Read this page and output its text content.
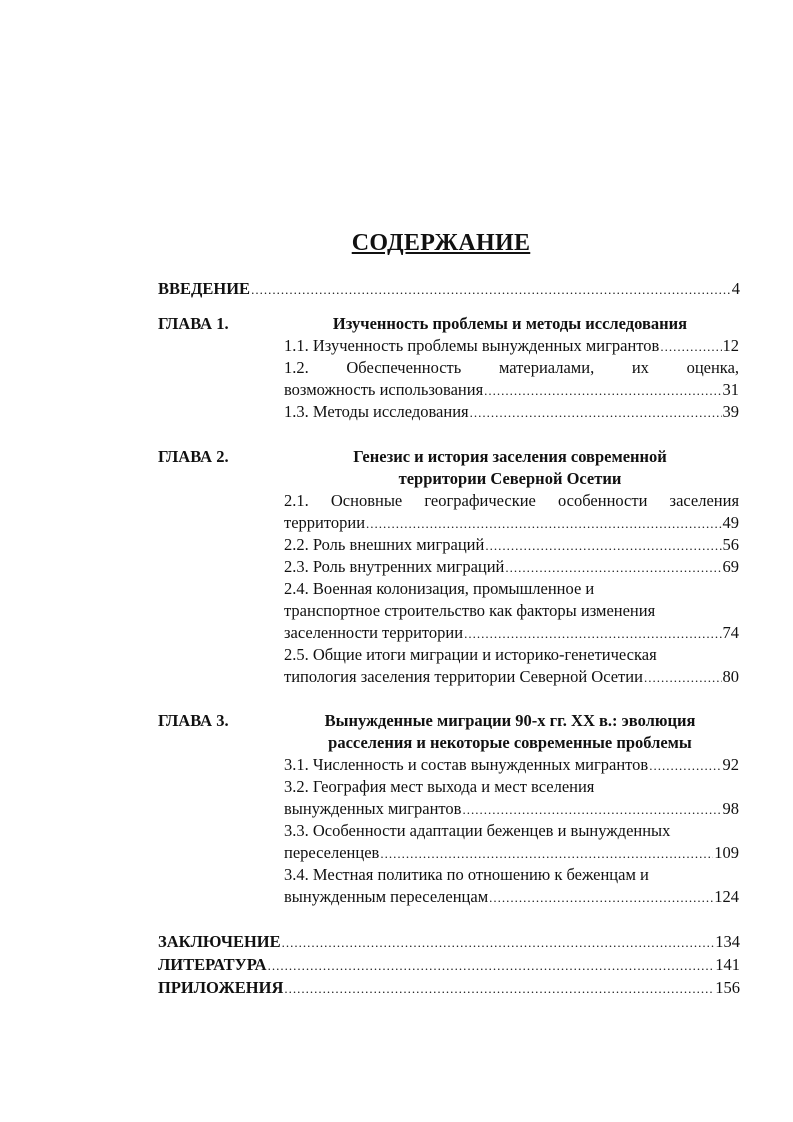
СОДЕРЖАНИЕ
ВВЕДЕНИЕ .....	4
ГЛАВА 1.	Изученность проблемы и методы исследования
1.1. Изученность проблемы вынужденных мигрантов .....	12
1.2. Обеспеченность материалами, их оценка,
возможность использования .....	31
1.3. Методы исследования .....	39
ГЛАВА 2.	Генезис и история заселения современной
территории Северной Осетии
2.1. Основные географические особенности заселения
территории .....	49
2.2. Роль внешних миграций .....	56
2.3. Роль внутренних миграций .....	69
2.4. Военная колонизация, промышленное и
транспортное строительство как факторы изменения
заселенности территории .....	74
2.5. Общие итоги миграции и историко-генетическая
типология заселения территории Северной Осетии .....	80
ГЛАВА 3.	Вынужденные миграции 90-х гг. XX в.: эволюция
расселения и некоторые современные проблемы
3.1. Численность и состав вынужденных мигрантов .....	92
3.2. География мест выхода и мест вселения
вынужденных мигрантов .....	98
3.3. Особенности адаптации беженцев и вынужденных
переселенцев .....	109
3.4. Местная политика по отношению к беженцам и
вынужденным переселенцам .....	124
ЗАКЛЮЧЕНИЕ .....	134
ЛИТЕРАТУРА .....	141
ПРИЛОЖЕНИЯ .....	156
